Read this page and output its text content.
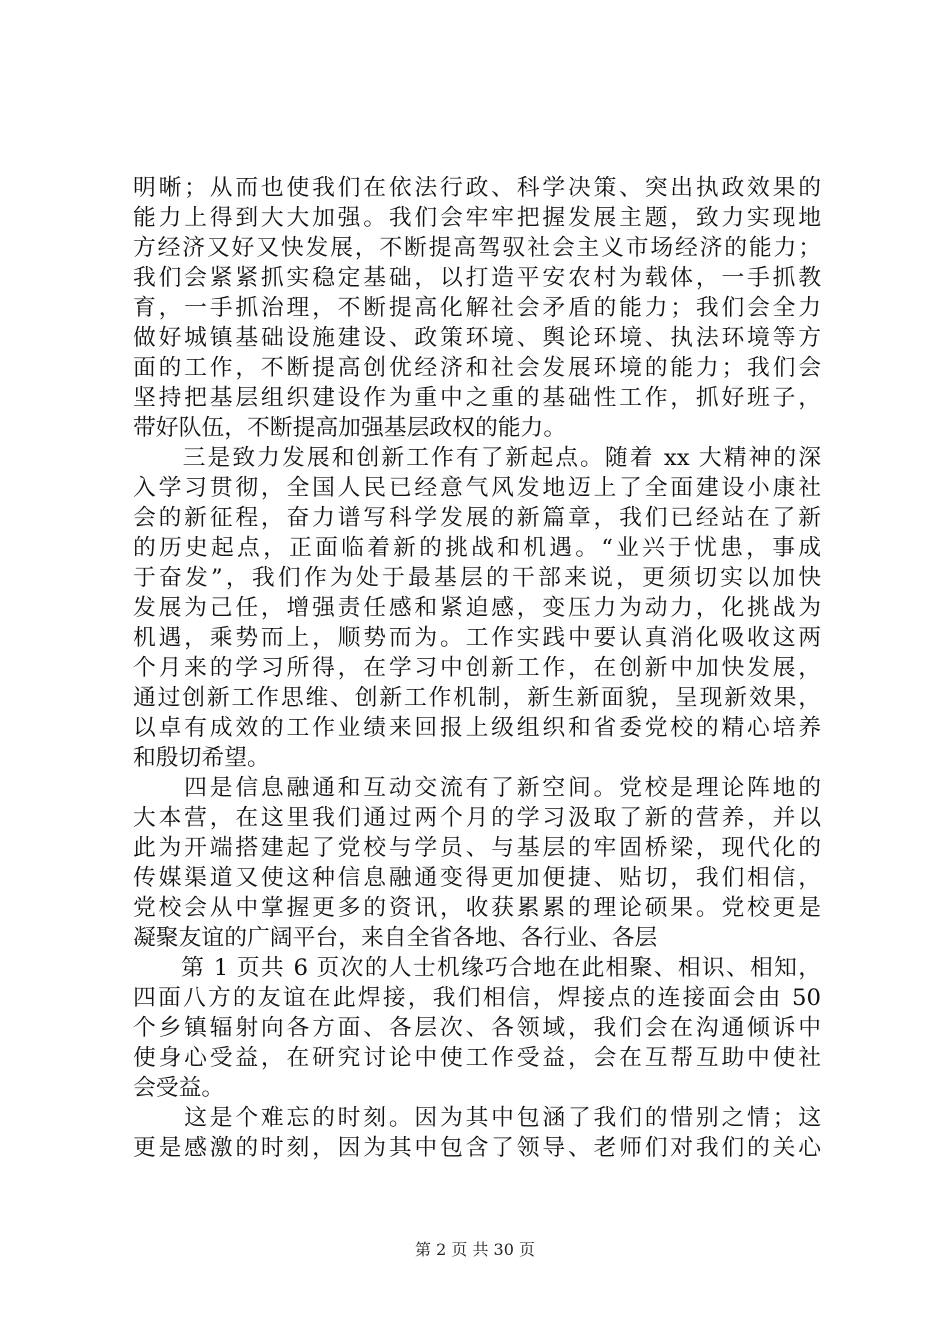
明晰；从而也使我们在依法行政、科学决策、突出执政效果的
能力上得到大大加强。我们会牢牢把握发展主题，致力实现地
方经济又好又快发展，不断提高驾驭社会主义市场经济的能力；
我们会紧紧抓实稳定基础，以打造平安农村为载体，一手抓教
育，一手抓治理，不断提高化解社会矛盾的能力；我们会全力
做好城镇基础设施建设、政策环境、舆论环境、执法环境等方
面的工作，不断提高创优经济和社会发展环境的能力；我们会
坚持把基层组织建设作为重中之重的基础性工作，抓好班子，
带好队伍，不断提高加强基层政权的能力。
　　三是致力发展和创新工作有了新起点。随着 xx 大精神的深
入学习贯彻，全国人民已经意气风发地迈上了全面建设小康社
会的新征程，奋力谱写科学发展的新篇章，我们已经站在了新
的历史起点，正面临着新的挑战和机遇。“业兴于忧患，事成
于奋发”，我们作为处于最基层的干部来说，更须切实以加快
发展为己任，增强责任感和紧迫感，变压力为动力，化挑战为
机遇，乘势而上，顺势而为。工作实践中要认真消化吸收这两
个月来的学习所得，在学习中创新工作，在创新中加快发展，
通过创新工作思维、创新工作机制，新生新面貌，呈现新效果，
以卓有成效的工作业绩来回报上级组织和省委党校的精心培养
和殷切希望。
　　四是信息融通和互动交流有了新空间。党校是理论阵地的
大本营，在这里我们通过两个月的学习汲取了新的营养，并以
此为开端搭建起了党校与学员、与基层的牢固桥梁，现代化的
传媒渠道又使这种信息融通变得更加便捷、贴切，我们相信，
党校会从中掌握更多的资讯，收获累累的理论硕果。党校更是
凝聚友谊的广阔平台，来自全省各地、各行业、各层
　　第 1 页共 6 页次的人士机缘巧合地在此相聚、相识、相知，
四面八方的友谊在此焊接，我们相信，焊接点的连接面会由 50
个乡镇辐射向各方面、各层次、各领域，我们会在沟通倾诉中
使身心受益，在研究讨论中使工作受益，会在互帮互助中使社
会受益。
　　这是个难忘的时刻。因为其中包涵了我们的惜别之情；这
更是感激的时刻，因为其中包含了领导、老师们对我们的关心
第 2 页 共 30 页
